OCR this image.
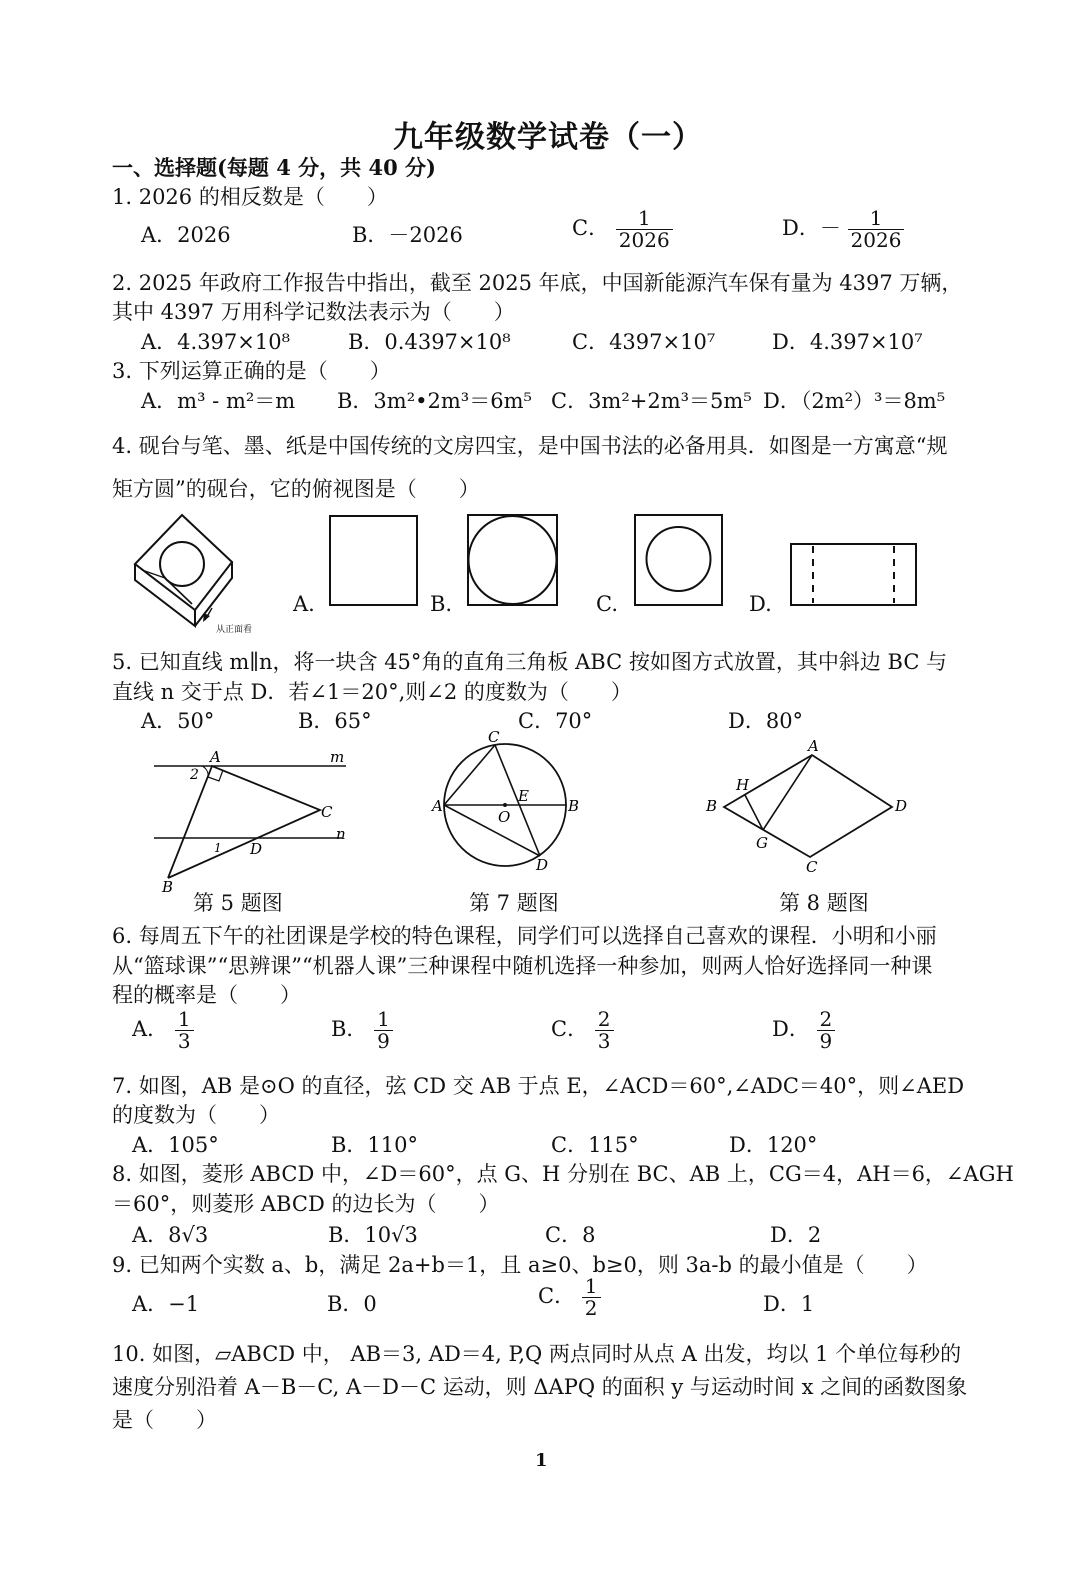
九年级数学试卷（一）
一、选择题(每题 4 分，共 40 分)
1. 2026 的相反数是（　　）
A．2026	B．－2026	C． $\frac{1}{2026}$	D．－ $\frac{1}{2026}$
2. 2025 年政府工作报告中指出，截至 2025 年底，中国新能源汽车保有量为 4397 万辆，
其中 4397 万用科学记数法表示为（　　）
A．4.397×10⁸	B．0.4397×10⁸	C．4397×10⁷	D．4.397×10⁷
3. 下列运算正确的是（　　）
A．m³ - m²＝m B．3m²•2m³＝6m⁵ C．3m²+2m³＝5m⁵ D．（2m²）³＝8m⁵
4. 砚台与笔、墨、纸是中国传统的文房四宝，是中国书法的必备用具．如图是一方寓意“规
矩方圆”的砚台，它的俯视图是（　　）
从正面看
A.	B.	C.	D.
5. 已知直线 m∥n，将一块含 45°角的直角三角板 ABC 按如图方式放置，其中斜边 BC 与
直线 n 交于点 D．若∠1＝20°,则∠2 的度数为（　　）
A．50°	B．65°	C．70°	D．80°
A	m
2
C
n
1 D
B
第 5 题图
C
A	B
E
O
D
第 7 题图
A
H
B	D
G
C
第 8 题图
6. 每周五下午的社团课是学校的特色课程，同学们可以选择自己喜欢的课程．小明和小丽
从“篮球课”“思辨课”“机器人课”三种课程中随机选择一种参加，则两人恰好选择同一种课
程的概率是（　　）
A． $\frac{1}{3}$	B． $\frac{1}{9}$	C． $\frac{2}{3}$	D． $\frac{2}{9}$
7. 如图，AB 是⊙O 的直径，弦 CD 交 AB 于点 E，∠ACD＝60°,∠ADC＝40°，则∠AED
的度数为（　　）
A．105°	B．110°	C．115°	D．120°
8. 如图，菱形 ABCD 中，∠D＝60°，点 G、H 分别在 BC、AB 上，CG＝4，AH＝6，∠AGH
＝60°，则菱形 ABCD 的边长为（　　）
A．8√3	B．10√3	C．8	D．2
9. 已知两个实数 a、b，满足 2a+b＝1，且 a≥0、b≥0，则 3a-b 的最小值是（　　）
A．−1	B．0	C． $\frac{1}{2}$	D．1
10. 如图，▱ABCD 中， AB＝3, AD＝4, P,Q 两点同时从点 A 出发，均以 1 个单位每秒的
速度分别沿着 A－B－C, A－D－C 运动，则 ΔAPQ 的面积 y 与运动时间 x 之间的函数图象
是（　　）
1
